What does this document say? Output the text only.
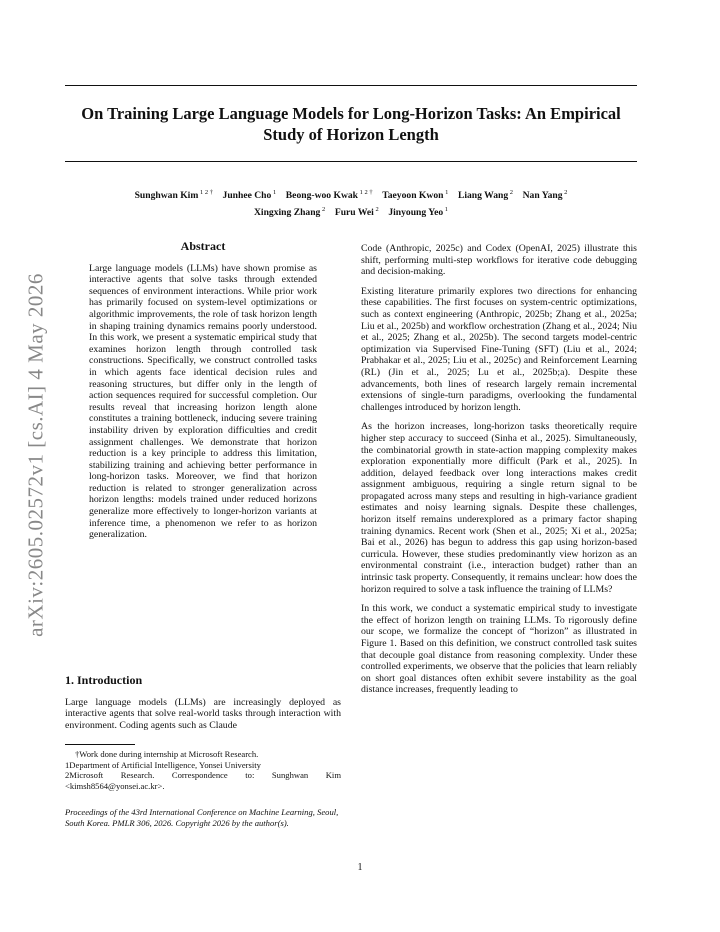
arXiv:2605.02572v1 [cs.AI] 4 May 2026
On Training Large Language Models for Long-Horizon Tasks: An Empirical Study of Horizon Length
Sunghwan Kim $^{1 2 \dagger}$  Junhee Cho $^1$  Beong-woo Kwak $^{1 2 \dagger}$  Taeyoon Kwon $^1$  Liang Wang $^2$  Nan Yang $^2$
Xingxing Zhang $^2$  Furu Wei $^2$  Jinyoung Yeo $^1$
Abstract

Large language models (LLMs) have shown promise as interactive agents that solve tasks through extended sequences of environment interactions. While prior work has primarily focused on system-level optimizations or algorithmic improvements, the role of task horizon length in shaping training dynamics remains poorly understood. In this work, we present a systematic empirical study that examines horizon length through controlled task constructions. Specifically, we construct controlled tasks in which agents face identical decision rules and reasoning structures, but differ only in the length of action sequences required for successful completion. Our results reveal that increasing horizon length alone constitutes a training bottleneck, inducing severe training instability driven by exploration difficulties and credit assignment challenges. We demonstrate that horizon reduction is a key principle to address this limitation, stabilizing training and achieving better performance in long-horizon tasks. Moreover, we find that horizon reduction is related to stronger generalization across horizon lengths: models trained under reduced horizons generalize more effectively to longer-horizon variants at inference time, a phenomenon we refer to as horizon generalization.

1. Introduction

Large language models (LLMs) are increasingly deployed as interactive agents that solve real-world tasks through interaction with environment. Coding agents such as Claude

†Work done during internship at Microsoft Research.
1Department of Artificial Intelligence, Yonsei University
2Microsoft Research. Correspondence to: Sunghwan Kim <kimsh8564@yonsei.ac.kr>.
Proceedings of the 43rd International Conference on Machine Learning, Seoul, South Korea. PMLR 306, 2026. Copyright 2026 by the author(s).

Code (Anthropic, 2025c) and Codex (OpenAI, 2025) illustrate this shift, performing multi-step workflows for iterative code debugging and decision-making.

Existing literature primarily explores two directions for enhancing these capabilities. The first focuses on system-centric optimizations, such as context engineering (Anthropic, 2025b; Zhang et al., 2025a; Liu et al., 2025b) and workflow orchestration (Zhang et al., 2024; Niu et al., 2025; Zhang et al., 2025b). The second targets model-centric optimization via Supervised Fine-Tuning (SFT) (Liu et al., 2024; Prabhakar et al., 2025; Liu et al., 2025c) and Reinforcement Learning (RL) (Jin et al., 2025; Lu et al., 2025b;a). Despite these advancements, both lines of research largely remain incremental extensions of single-turn paradigms, overlooking the fundamental challenges introduced by horizon length.

As the horizon increases, long-horizon tasks theoretically require higher step accuracy to succeed (Sinha et al., 2025). Simultaneously, the combinatorial growth in state-action mapping complexity makes exploration exponentially more difficult (Park et al., 2025). In addition, delayed feedback over long interactions makes credit assignment ambiguous, requiring a single return signal to be propagated across many steps and resulting in high-variance gradient estimates and noisy learning signals. Despite these challenges, horizon itself remains underexplored as a primary factor shaping training dynamics. Recent work (Shen et al., 2025; Xi et al., 2025a; Bai et al., 2026) has begun to address this gap using horizon-based curricula. However, these studies predominantly view horizon as an environmental constraint (i.e., interaction budget) rather than an intrinsic task property. Consequently, it remains unclear: how does the horizon required to solve a task influence the training of LLMs?

In this work, we conduct a systematic empirical study to investigate the effect of horizon length on training LLMs. To rigorously define our scope, we formalize the concept of “horizon” as illustrated in Figure 1. Based on this definition, we construct controlled task suites that decouple goal distance from reasoning complexity. Under these controlled experiments, we observe that the policies that learn reliably on short goal distances often exhibit severe instability as the goal distance increases, frequently leading to

1
